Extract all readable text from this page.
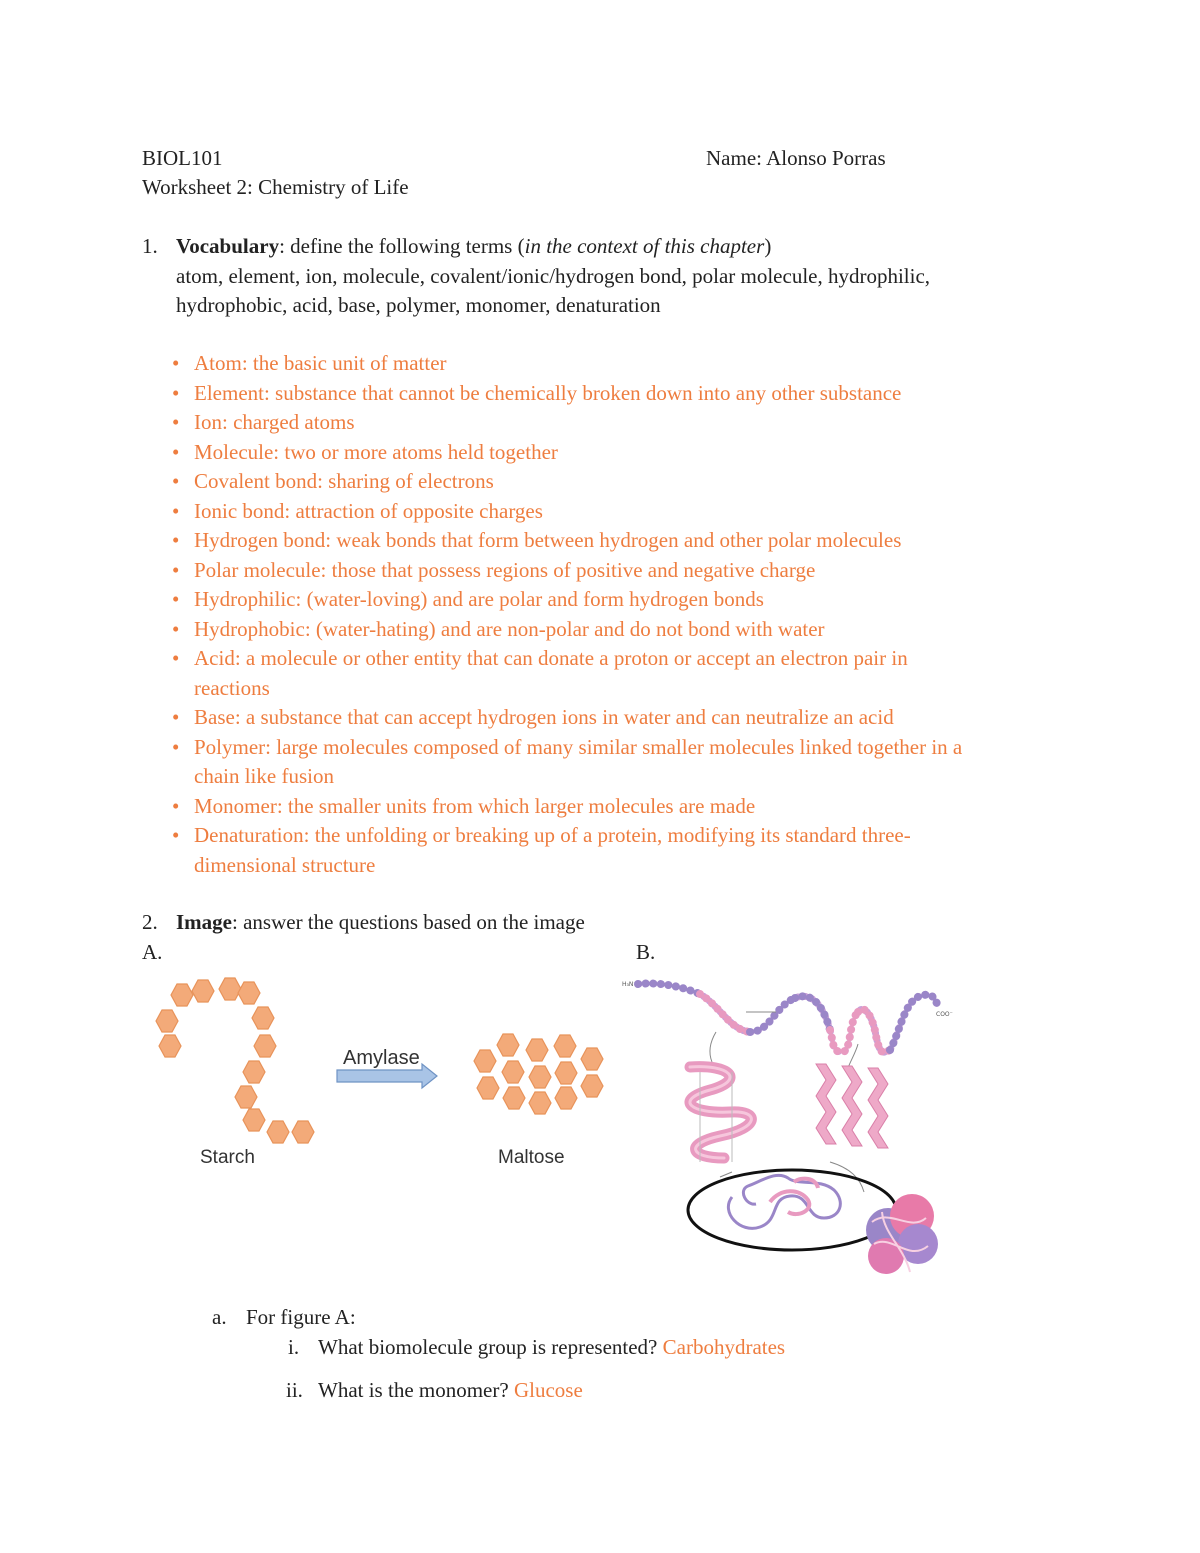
BIOL101	Name: Alonso Porras
Worksheet 2: Chemistry of Life
1. Vocabulary: define the following terms (in the context of this chapter)
atom, element, ion, molecule, covalent/ionic/hydrogen bond, polar molecule, hydrophilic,
hydrophobic, acid, base, polymer, monomer, denaturation
• Atom: the basic unit of matter
• Element: substance that cannot be chemically broken down into any other substance
• Ion: charged atoms
• Molecule: two or more atoms held together
• Covalent bond: sharing of electrons
• Ionic bond: attraction of opposite charges
• Hydrogen bond: weak bonds that form between hydrogen and other polar molecules
• Polar molecule: those that possess regions of positive and negative charge
• Hydrophilic: (water-loving) and are polar and form hydrogen bonds
• Hydrophobic: (water-hating) and are non-polar and do not bond with water
• Acid: a molecule or other entity that can donate a proton or accept an electron pair in
reactions
• Base: a substance that can accept hydrogen ions in water and can neutralize an acid
• Polymer: large molecules composed of many similar smaller molecules linked together in a
chain like fusion
• Monomer: the smaller units from which larger molecules are made
• Denaturation: the unfolding or breaking up of a protein, modifying its standard three-
dimensional structure
2. Image: answer the questions based on the image
A.	B.
Starch
Amylase
Maltose
H₃N⁺
COO⁻
a. For figure A:
i. What biomolecule group is represented? Carbohydrates
ii. What is the monomer? Glucose
